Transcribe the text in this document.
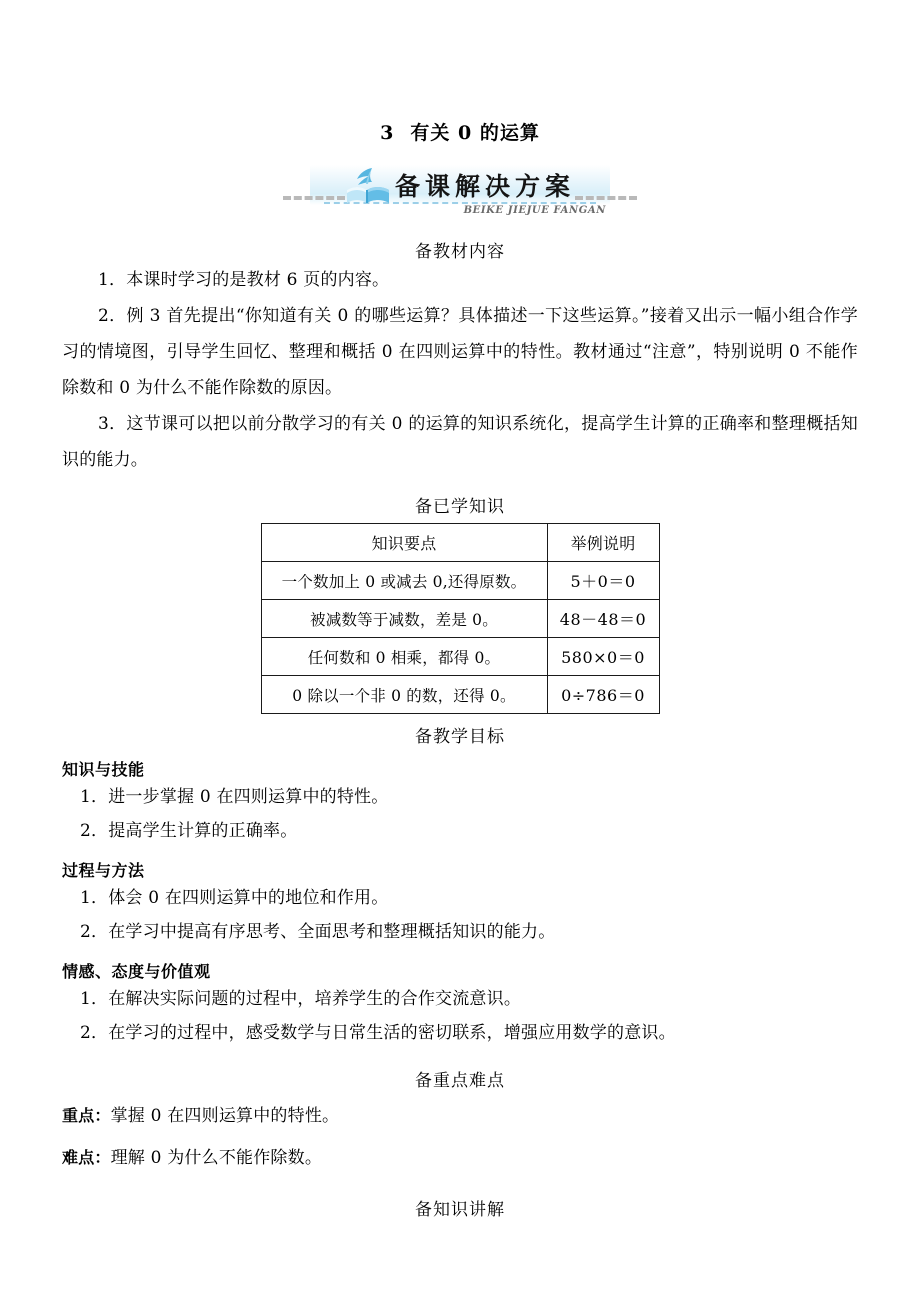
3 有关 0 的运算
备课解决方案
BEIKE JIEJUE FANGAN
备教材内容

1．本课时学习的是教材 6 页的内容。

2．例 3 首先提出“你知道有关 0 的哪些运算？具体描述一下这些运算。”接着又出示一幅小组合作学习的情境图，引导学生回忆、整理和概括 0 在四则运算中的特性。教材通过“注意”，特别说明 0 不能作除数和 0 为什么不能作除数的原因。

3．这节课可以把以前分散学习的有关 0 的运算的知识系统化，提高学生计算的正确率和整理概括知识的能力。

备已学知识
知识要点	举例说明
一个数加上 0 或减去 0,还得原数。	5＋0＝0
被减数等于减数，差是 0。	48－48＝0
任何数和 0 相乘，都得 0。	580×0＝0
0 除以一个非 0 的数，还得 0。	0÷786＝0
备教学目标
知识与技能

1．进一步掌握 0 在四则运算中的特性。

2．提高学生计算的正确率。

过程与方法

1．体会 0 在四则运算中的地位和作用。

2．在学习中提高有序思考、全面思考和整理概括知识的能力。

情感、态度与价值观

1．在解决实际问题的过程中，培养学生的合作交流意识。

2．在学习的过程中，感受数学与日常生活的密切联系，增强应用数学的意识。

备重点难点

重点：掌握 0 在四则运算中的特性。

难点：理解 0 为什么不能作除数。

备知识讲解
